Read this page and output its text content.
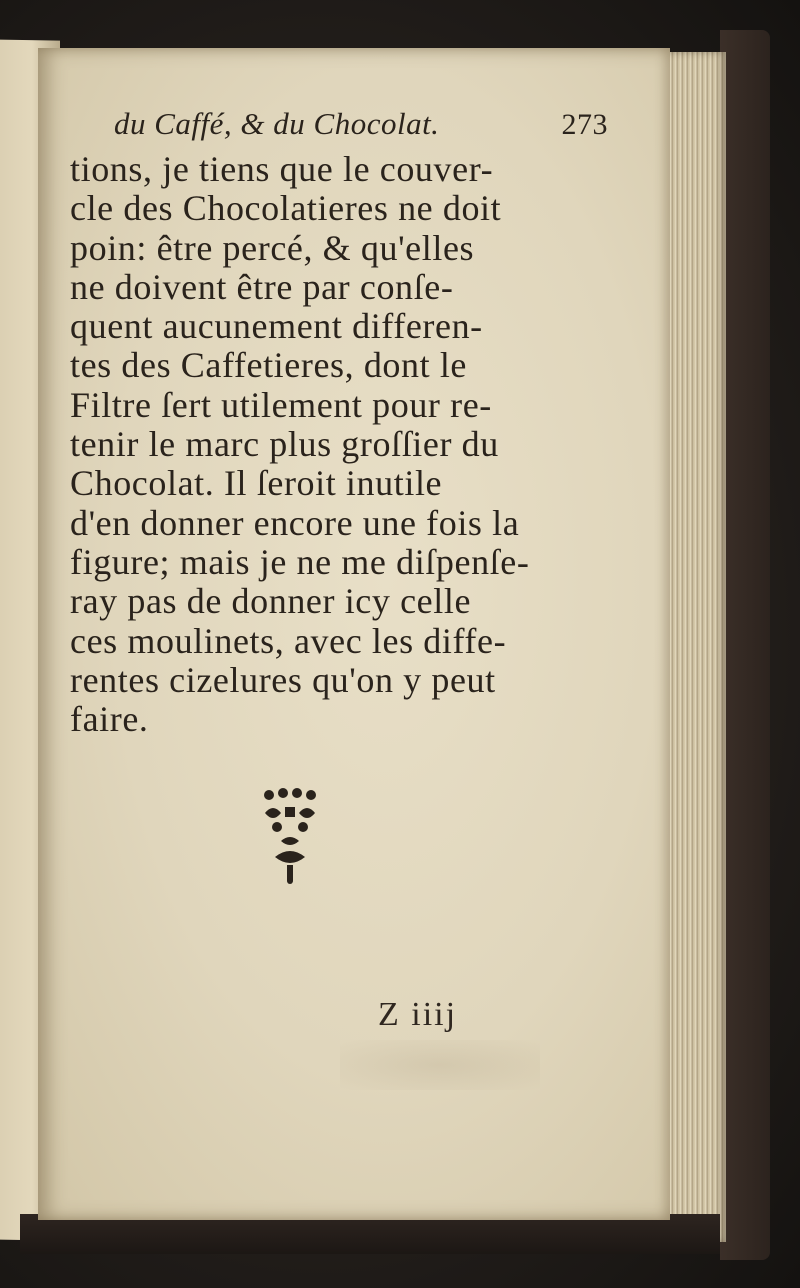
du Caffé, & du Chocolat.	273
tions, je tiens que le couver-
cle des Chocolatieres ne doit
poin: être percé, & qu'elles
ne doivent être par conſe-
quent aucunement differen-
tes des Caffetieres, dont le
Filtre ſert utilement pour re-
tenir le marc plus groſſier du
Chocolat. Il ſeroit inutile
d'en donner encore une fois la
figure; mais je ne me diſpenſe-
ray pas de donner icy celle
ces moulinets, avec les diffe-
rentes cizelures qu'on y peut
faire.
Z iiij
